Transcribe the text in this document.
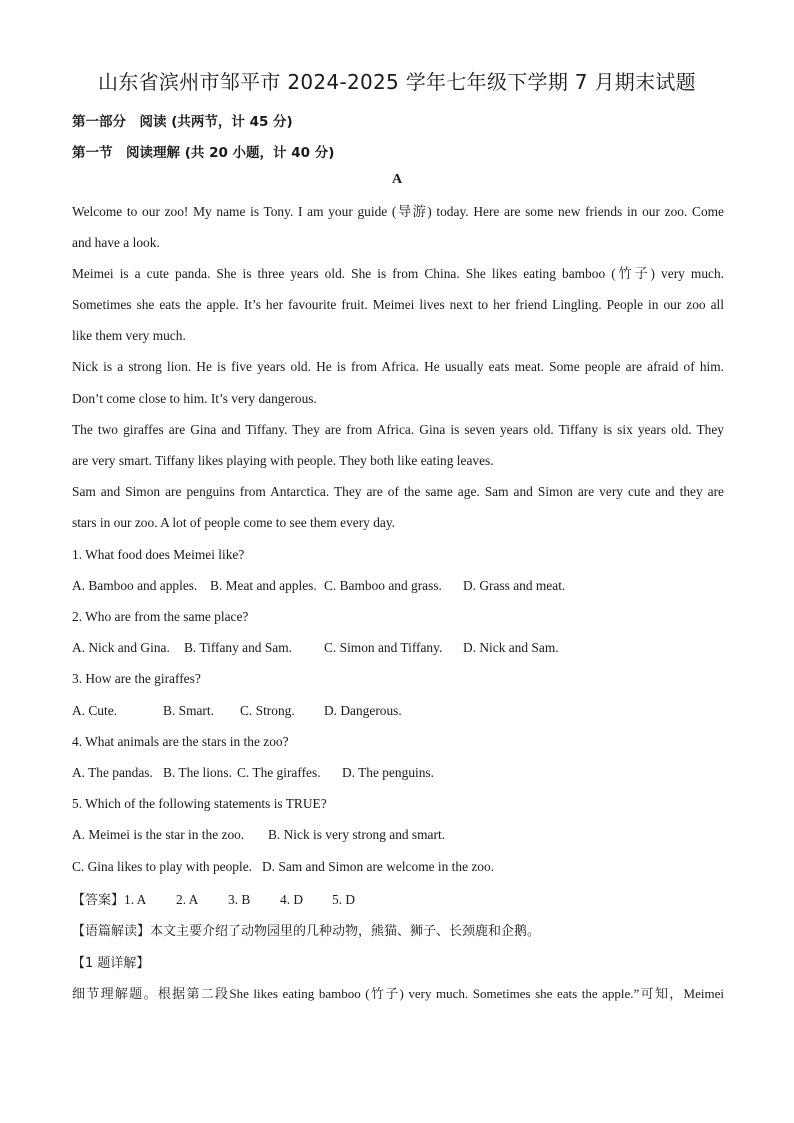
山东省滨州市邹平市 2024-2025 学年七年级下学期 7 月期末试题
第一部分　阅读 (共两节，计 45 分)
第一节　阅读理解 (共 20 小题，计 40 分)
A
Welcome to our zoo! My name is Tony. I am your guide (导游) today. Here are some new friends in our zoo. Come
and have a look.
Meimei is a cute panda. She is three years old. She is from China. She likes eating bamboo (竹子) very much.
Sometimes she eats the apple. It’s her favourite fruit. Meimei lives next to her friend Lingling. People in our zoo all
like them very much.
Nick is a strong lion. He is five years old. He is from Africa. He usually eats meat. Some people are afraid of him.
Don’t come close to him. It’s very dangerous.
The two giraffes are Gina and Tiffany. They are from Africa. Gina is seven years old. Tiffany is six years old. They
are very smart. Tiffany likes playing with people. They both like eating leaves.
Sam and Simon are penguins from Antarctica. They are of the same age. Sam and Simon are very cute and they are
stars in our zoo. A lot of people come to see them every day.
1. What food does Meimei like?
A. Bamboo and apples. B. Meat and apples. C. Bamboo and grass. D. Grass and meat.
2. Who are from the same place?
A. Nick and Gina. B. Tiffany and Sam. C. Simon and Tiffany. D. Nick and Sam.
3. How are the giraffes?
A. Cute.	B. Smart. C. Strong. D. Dangerous.
4. What animals are the stars in the zoo?
A. The pandas. B. The lions. C. The giraffes. D. The penguins.
5. Which of the following statements is TRUE?
A. Meimei is the star in the zoo. B. Nick is very strong and smart.
C. Gina likes to play with people. D. Sam and Simon are welcome in the zoo.
【答案】1. A 2. A 3. B 4. D 5. D
【语篇解读】本文主要介绍了动物园里的几种动物，熊猫、狮子、长颈鹿和企鹅。
【1 题详解】
细节理解题。根据第二段She likes eating bamboo (竹子) very much. Sometimes she eats the apple.”可知，Meimei
